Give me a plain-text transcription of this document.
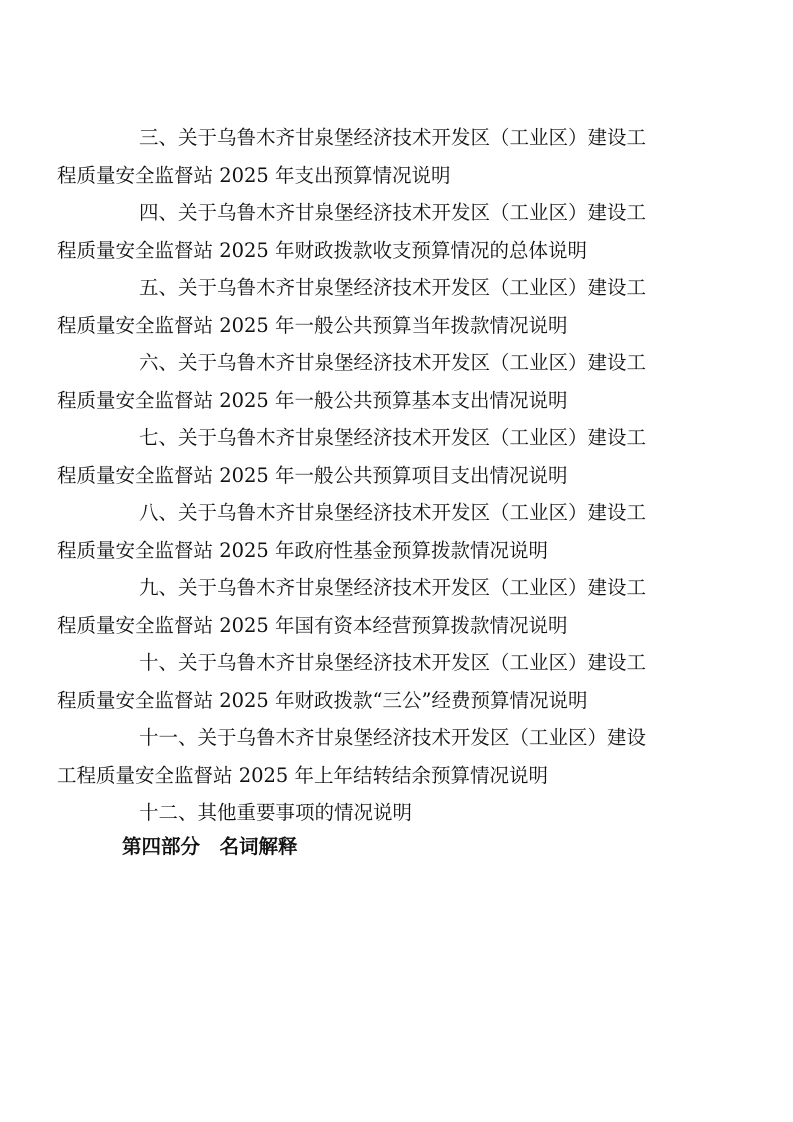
三、关于乌鲁木齐甘泉堡经济技术开发区（工业区）建设工
程质量安全监督站 2025 年支出预算情况说明

四、关于乌鲁木齐甘泉堡经济技术开发区（工业区）建设工
程质量安全监督站 2025 年财政拨款收支预算情况的总体说明

五、关于乌鲁木齐甘泉堡经济技术开发区（工业区）建设工
程质量安全监督站 2025 年一般公共预算当年拨款情况说明

六、关于乌鲁木齐甘泉堡经济技术开发区（工业区）建设工
程质量安全监督站 2025 年一般公共预算基本支出情况说明

七、关于乌鲁木齐甘泉堡经济技术开发区（工业区）建设工
程质量安全监督站 2025 年一般公共预算项目支出情况说明

八、关于乌鲁木齐甘泉堡经济技术开发区（工业区）建设工
程质量安全监督站 2025 年政府性基金预算拨款情况说明

九、关于乌鲁木齐甘泉堡经济技术开发区（工业区）建设工
程质量安全监督站 2025 年国有资本经营预算拨款情况说明

十、关于乌鲁木齐甘泉堡经济技术开发区（工业区）建设工
程质量安全监督站 2025 年财政拨款“三公”经费预算情况说明

十一、关于乌鲁木齐甘泉堡经济技术开发区（工业区）建设
工程质量安全监督站 2025 年上年结转结余预算情况说明

十二、其他重要事项的情况说明

第四部分　名词解释
